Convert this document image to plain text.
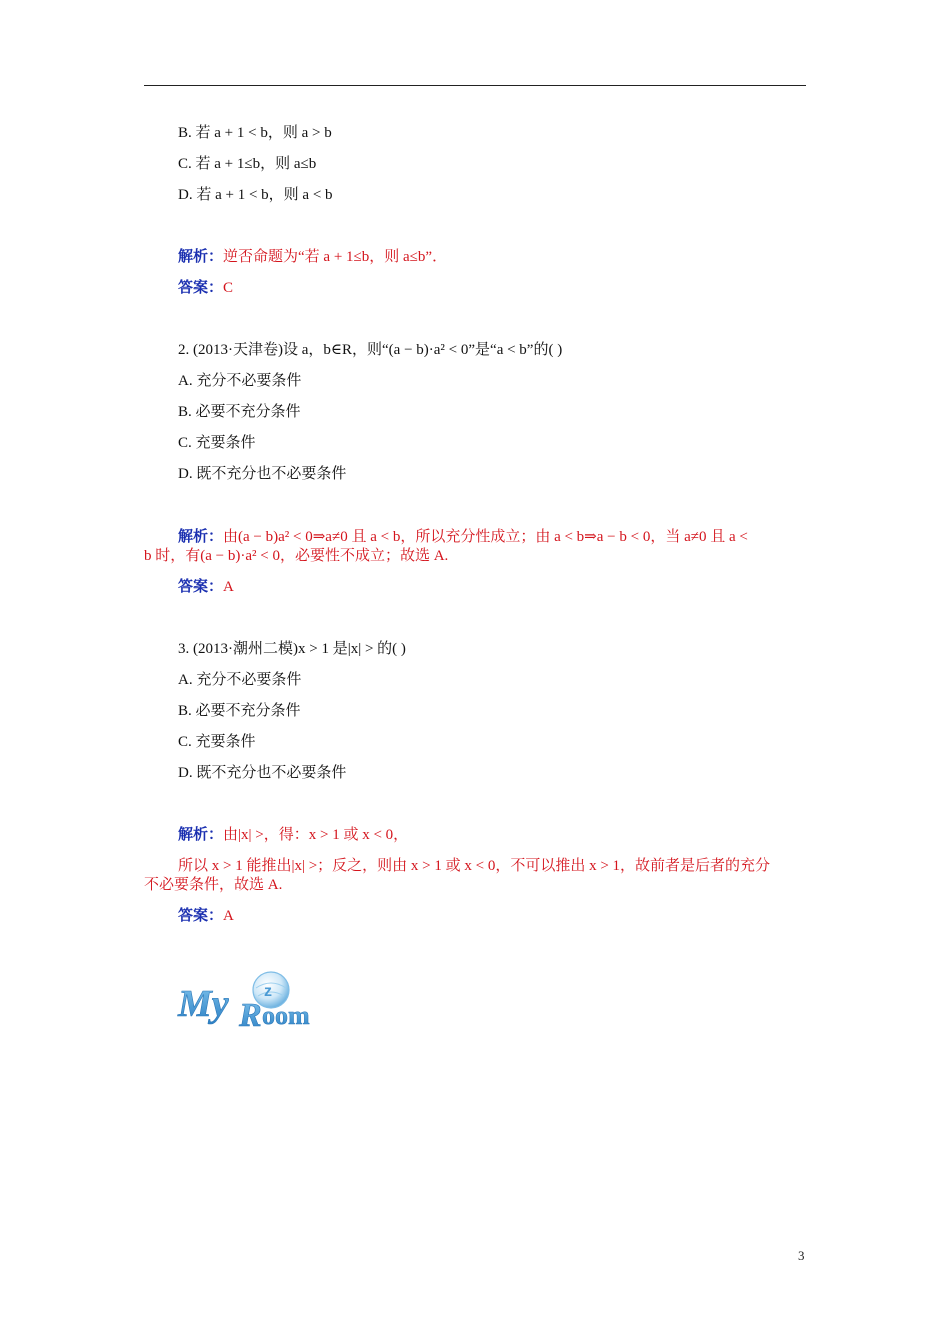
B. 若 a + 1 < b，则 a > b
C. 若 a + 1≤b，则 a≤b
D. 若 a + 1 < b，则 a < b
解析：逆否命题为“若 a + 1≤b，则 a≤b”．
答案：C
2. (2013·天津卷)设 a，b∈R，则“(a − b)·a² < 0”是“a < b”的( )
A. 充分不必要条件
B. 必要不充分条件
C. 充要条件
D. 既不充分也不必要条件
解析：由(a − b)a² < 0⇒a≠0 且 a < b，所以充分性成立；由 a < b⇒a − b < 0，当 a≠0 且 a <
b 时，有(a − b)·a² < 0，必要性不成立；故选 A.
答案：A
3. (2013·潮州二模)x > 1 是|x| > 的( )
A. 充分不必要条件
B. 必要不充分条件
C. 充要条件
D. 既不充分也不必要条件
解析：由|x| >，得：x > 1 或 x < 0，
所以 x > 1 能推出|x| >；反之，则由 x > 1 或 x < 0，不可以推出 x > 1，故前者是后者的充分
不必要条件，故选 A.
答案：A
z
My R oom
3
